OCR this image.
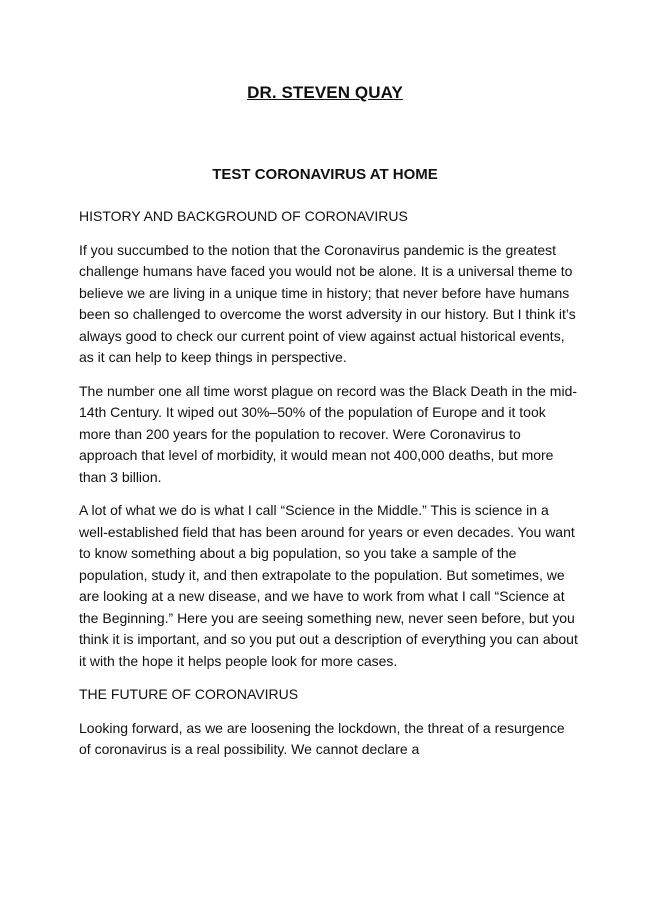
DR. STEVEN QUAY
TEST CORONAVIRUS AT HOME
HISTORY AND BACKGROUND OF CORONAVIRUS

If you succumbed to the notion that the Coronavirus pandemic is the greatest challenge humans have faced you would not be alone. It is a universal theme to believe we are living in a unique time in history; that never before have humans been so challenged to overcome the worst adversity in our history. But I think it’s always good to check our current point of view against actual historical events, as it can help to keep things in perspective.

The number one all time worst plague on record was the Black Death in the mid-14th Century. It wiped out 30%–50% of the population of Europe and it took more than 200 years for the population to recover. Were Coronavirus to approach that level of morbidity, it would mean not 400,000 deaths, but more than 3 billion.

A lot of what we do is what I call “Science in the Middle.” This is science in a well-established field that has been around for years or even decades. You want to know something about a big population, so you take a sample of the population, study it, and then extrapolate to the population. But sometimes, we are looking at a new disease, and we have to work from what I call “Science at the Beginning.” Here you are seeing something new, never seen before, but you think it is important, and so you put out a description of everything you can about it with the hope it helps people look for more cases.

THE FUTURE OF CORONAVIRUS

Looking forward, as we are loosening the lockdown, the threat of a resurgence of coronavirus is a real possibility. We cannot declare a
